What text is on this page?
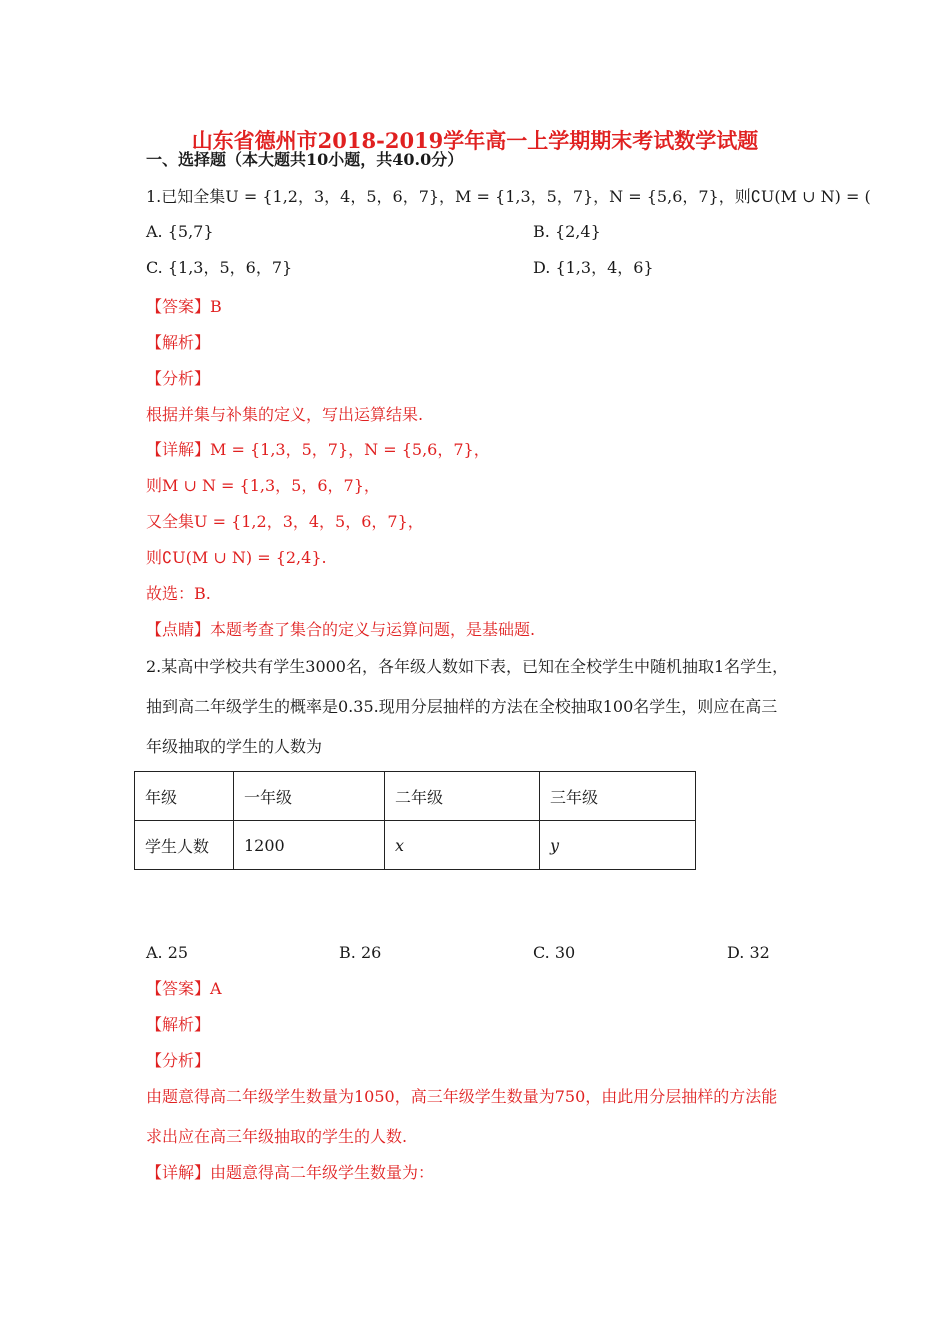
山东省德州市2018-2019学年高一上学期期末考试数学试题
一、选择题（本大题共10小题，共40.0分）
1.已知全集U = {1,2，3，4，5，6，7}，M = {1,3，5，7}，N = {5,6，7}，则∁U(M ∪ N) = (
A. {5,7}	B. {2,4}
C. {1,3，5，6，7}	D. {1,3，4，6}
【答案】B
【解析】
【分析】
根据并集与补集的定义，写出运算结果.
【详解】M = {1,3，5，7}，N = {5,6，7}，
则M ∪ N = {1,3，5，6，7}，
又全集U = {1,2，3，4，5，6，7}，
则∁U(M ∪ N) = {2,4}.
故选：B.
【点睛】本题考查了集合的定义与运算问题，是基础题.
2.某高中学校共有学生3000名，各年级人数如下表，已知在全校学生中随机抽取1名学生，
抽到高二年级学生的概率是0.35.现用分层抽样的方法在全校抽取100名学生，则应在高三
年级抽取的学生的人数为
年级	一年级	二年级	三年级
学生人数	1200	x	y
A. 25	B. 26	C. 30	D. 32
【答案】A
【解析】
【分析】
由题意得高二年级学生数量为1050，高三年级学生数量为750，由此用分层抽样的方法能
求出应在高三年级抽取的学生的人数.
【详解】由题意得高二年级学生数量为：
